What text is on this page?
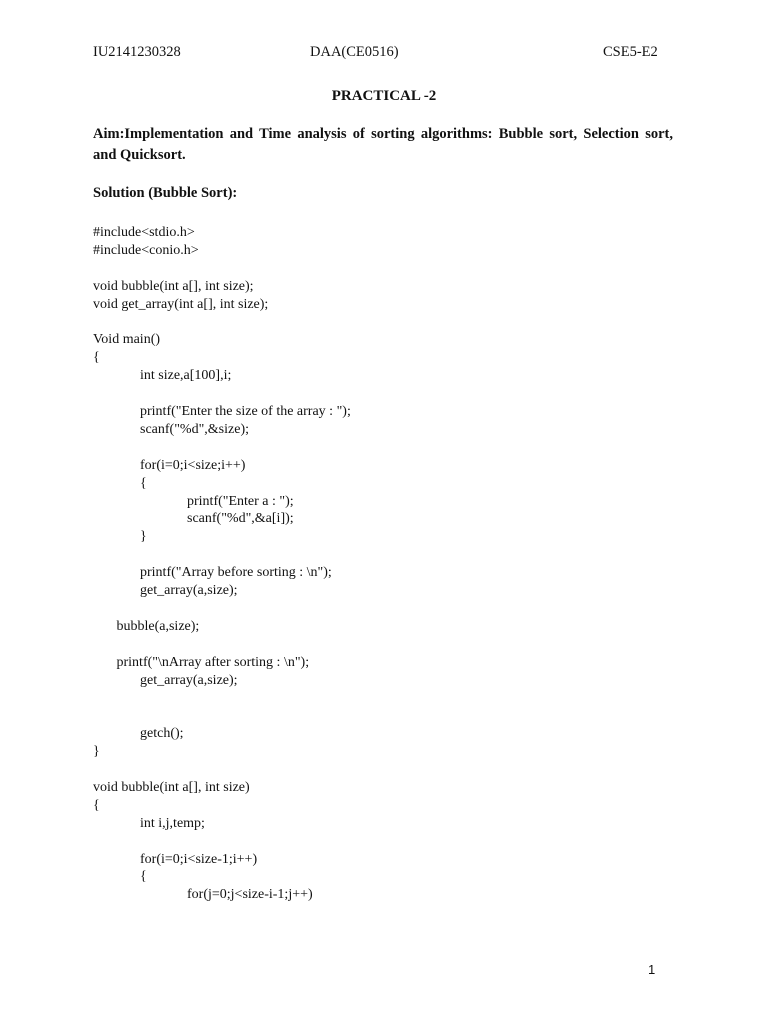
IU2141230328	DAA(CE0516)	CSE5-E2
PRACTICAL -2
Aim:Implementation and Time analysis of sorting algorithms: Bubble sort, Selection sort, and Quicksort.
Solution (Bubble Sort):
#include<stdio.h>
#include<conio.h>
void bubble(int a[], int size);
void get_array(int a[], int size);
Void main()
{
int size,a[100],i;
printf("Enter the size of the array : ");
scanf("%d",&size);
for(i=0;i<size;i++)
{
printf("Enter a : ");
scanf("%d",&a[i]);
}
printf("Array before sorting : \n");
get_array(a,size);
bubble(a,size);
printf("\nArray after sorting : \n");
get_array(a,size);
getch();
}
void bubble(int a[], int size)
{
int i,j,temp;
for(i=0;i<size-1;i++)
{
for(j=0;j<size-i-1;j++)
1
